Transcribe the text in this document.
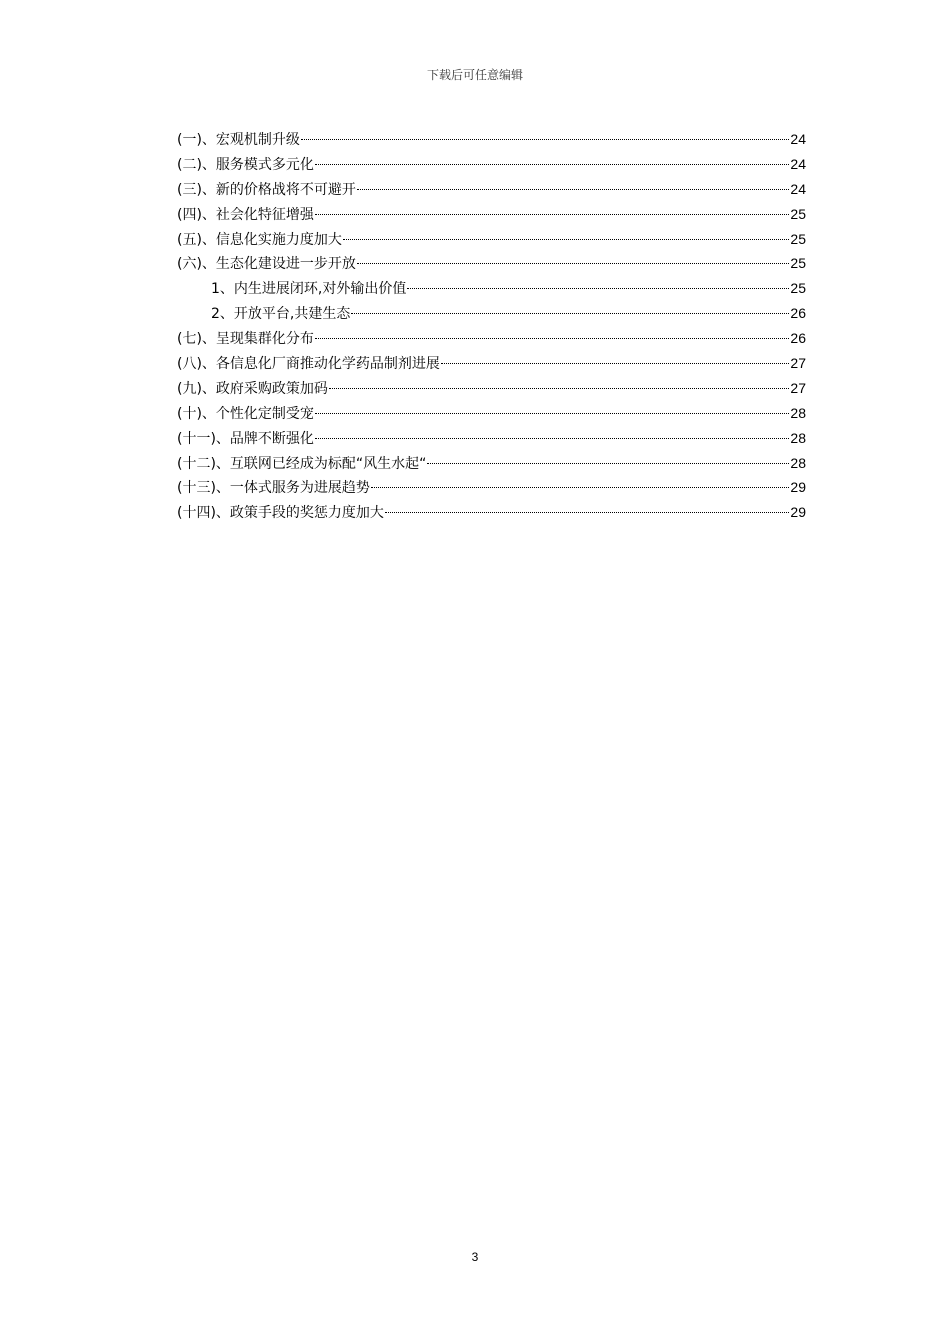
下载后可任意编辑
(一)、宏观机制升级	24
(二)、服务模式多元化	24
(三)、新的价格战将不可避开	24
(四)、社会化特征增强	25
(五)、信息化实施力度加大	25
(六)、生态化建设进一步开放	25
1、内生进展闭环,对外输出价值	25
2、开放平台,共建生态	26
(七)、呈现集群化分布	26
(八)、各信息化厂商推动化学药品制剂进展	27
(九)、政府采购政策加码	27
(十)、个性化定制受宠	28
(十一)、品牌不断强化	28
(十二)、互联网已经成为标配“风生水起“	28
(十三)、一体式服务为进展趋势	29
(十四)、政策手段的奖惩力度加大	29
3
